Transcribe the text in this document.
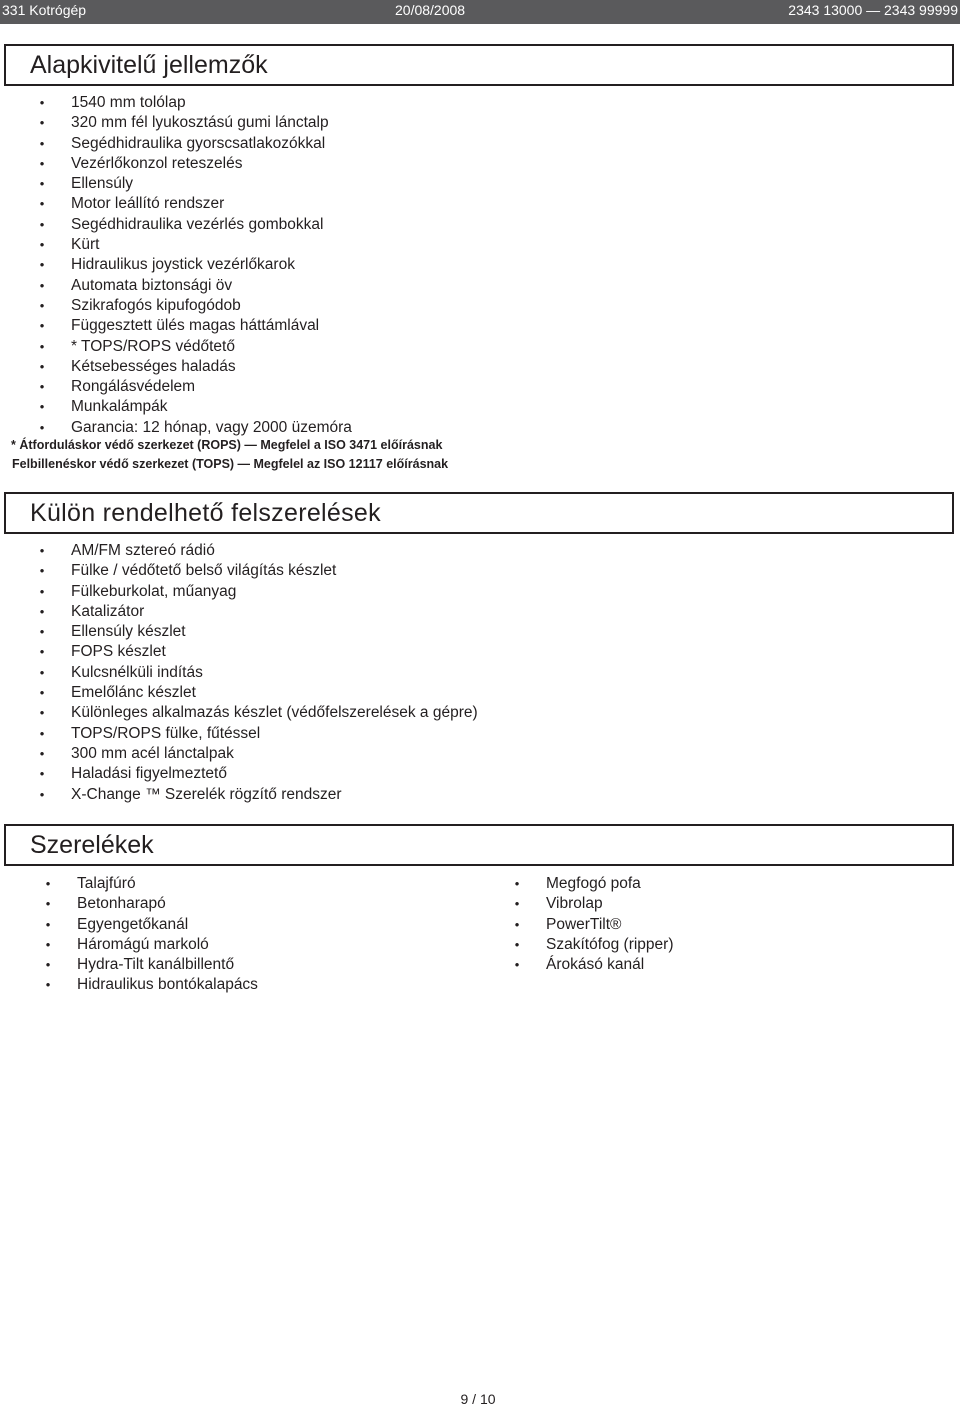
331 Kotrógép	20/08/2008	2343 13000 — 2343 99999
Alapkivitelű jellemzők
• 1540 mm tolólap
• 320 mm fél lyukosztású gumi lánctalp
• Segédhidraulika gyorscsatlakozókkal
• Vezérlőkonzol reteszelés
• Ellensúly
• Motor leállító rendszer
• Segédhidraulika vezérlés gombokkal
• Kürt
• Hidraulikus joystick vezérlőkarok
• Automata biztonsági öv
• Szikrafogós kipufogódob
• Függesztett ülés magas háttámlával
• * TOPS/ROPS védőtető
• Kétsebességes haladás
• Rongálásvédelem
• Munkalámpák
• Garancia: 12 hónap, vagy 2000 üzemóra
* Átforduláskor védő szerkezet (ROPS) — Megfelel a ISO 3471 előírásnak
Felbillenéskor védő szerkezet (TOPS) — Megfelel az ISO 12117 előírásnak
Külön rendelhető felszerelések
• AM/FM sztereó rádió
• Fülke / védőtető belső világítás készlet
• Fülkeburkolat, műanyag
• Katalizátor
• Ellensúly készlet
• FOPS készlet
• Kulcsnélküli indítás
• Emelőlánc készlet
• Különleges alkalmazás készlet (védőfelszerelések a gépre)
• TOPS/ROPS fülke, fűtéssel
• 300 mm acél lánctalpak
• Haladási figyelmeztető
• X-Change ™ Szerelék rögzítő rendszer
Szerelékek
• Talajfúró
• Betonharapó
• Egyengetőkanál
• Háromágú markoló
• Hydra-Tilt kanálbillentő
• Hidraulikus bontókalapács
• Megfogó pofa
• Vibrolap
• PowerTilt®
• Szakítófog (ripper)
• Árokásó kanál
9 / 10
